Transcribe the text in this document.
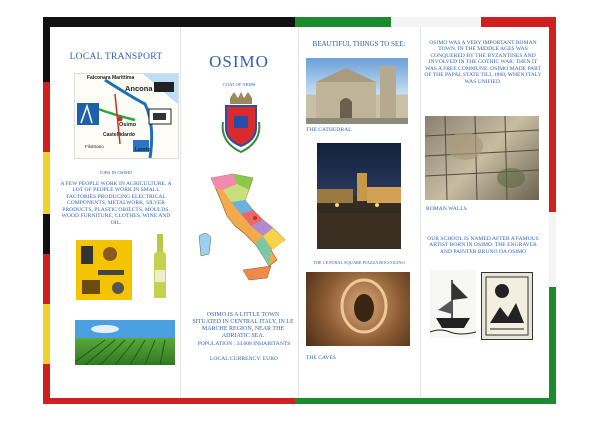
LOCAL TRANSPORT
Falconara Marittima
Ancona
Osimo
Castelfidardo
Filottrano
Loreto
JOBS IN OSIMO
A FEW PEOPLE WORK IN AGRICULTURE. A LOT OF PEOPLE WORK IN SMALL FACTORIES PRODUCING ELECTRICAL COMPONENTS, METALWORK, SILVER PRODUCTS, PLASTIC OBJECTS, MOULDS, WOOD FURNITURE, CLOTHES, WINE AND OIL.
OSIMO
COAT OF ARMS
OSIMO IS A LITTLE TOWN SITUATED IN CENTRAL ITALY, IN LE MARCHE REGION, NEAR THE ADRIATIC SEA.
POPULATION : 34.608 INHABITANTS
LOCAL CURRENCY: EURO
BEAUTIFUL THINGS TO SEE:
THE CATHEDRAL
THE CENTRAL SQUARE PIAZZA BOCCOLINO
THE CAVES
OSIMO WAS A VERY IMPORTANT ROMAN TOWN. IN THE MIDDLE AGES WAS CONQUERED BY THE BYZANTINES AND INVOLVED IN THE GOTHIC WAR. THEN IT WAS A FREE COMMUNE. OSIMO MADE PART OF THE PAPAL STATE TILL 1860, WHEN ITALY WAS UNIFIED.
ROMAN WALLS
OUR SCHOOL IS NAMED AFTER A FAMOUS ARTIST BORN IN OSIMO: THE ENGRAVER AND PAINTER BRUNO DA OSIMO
